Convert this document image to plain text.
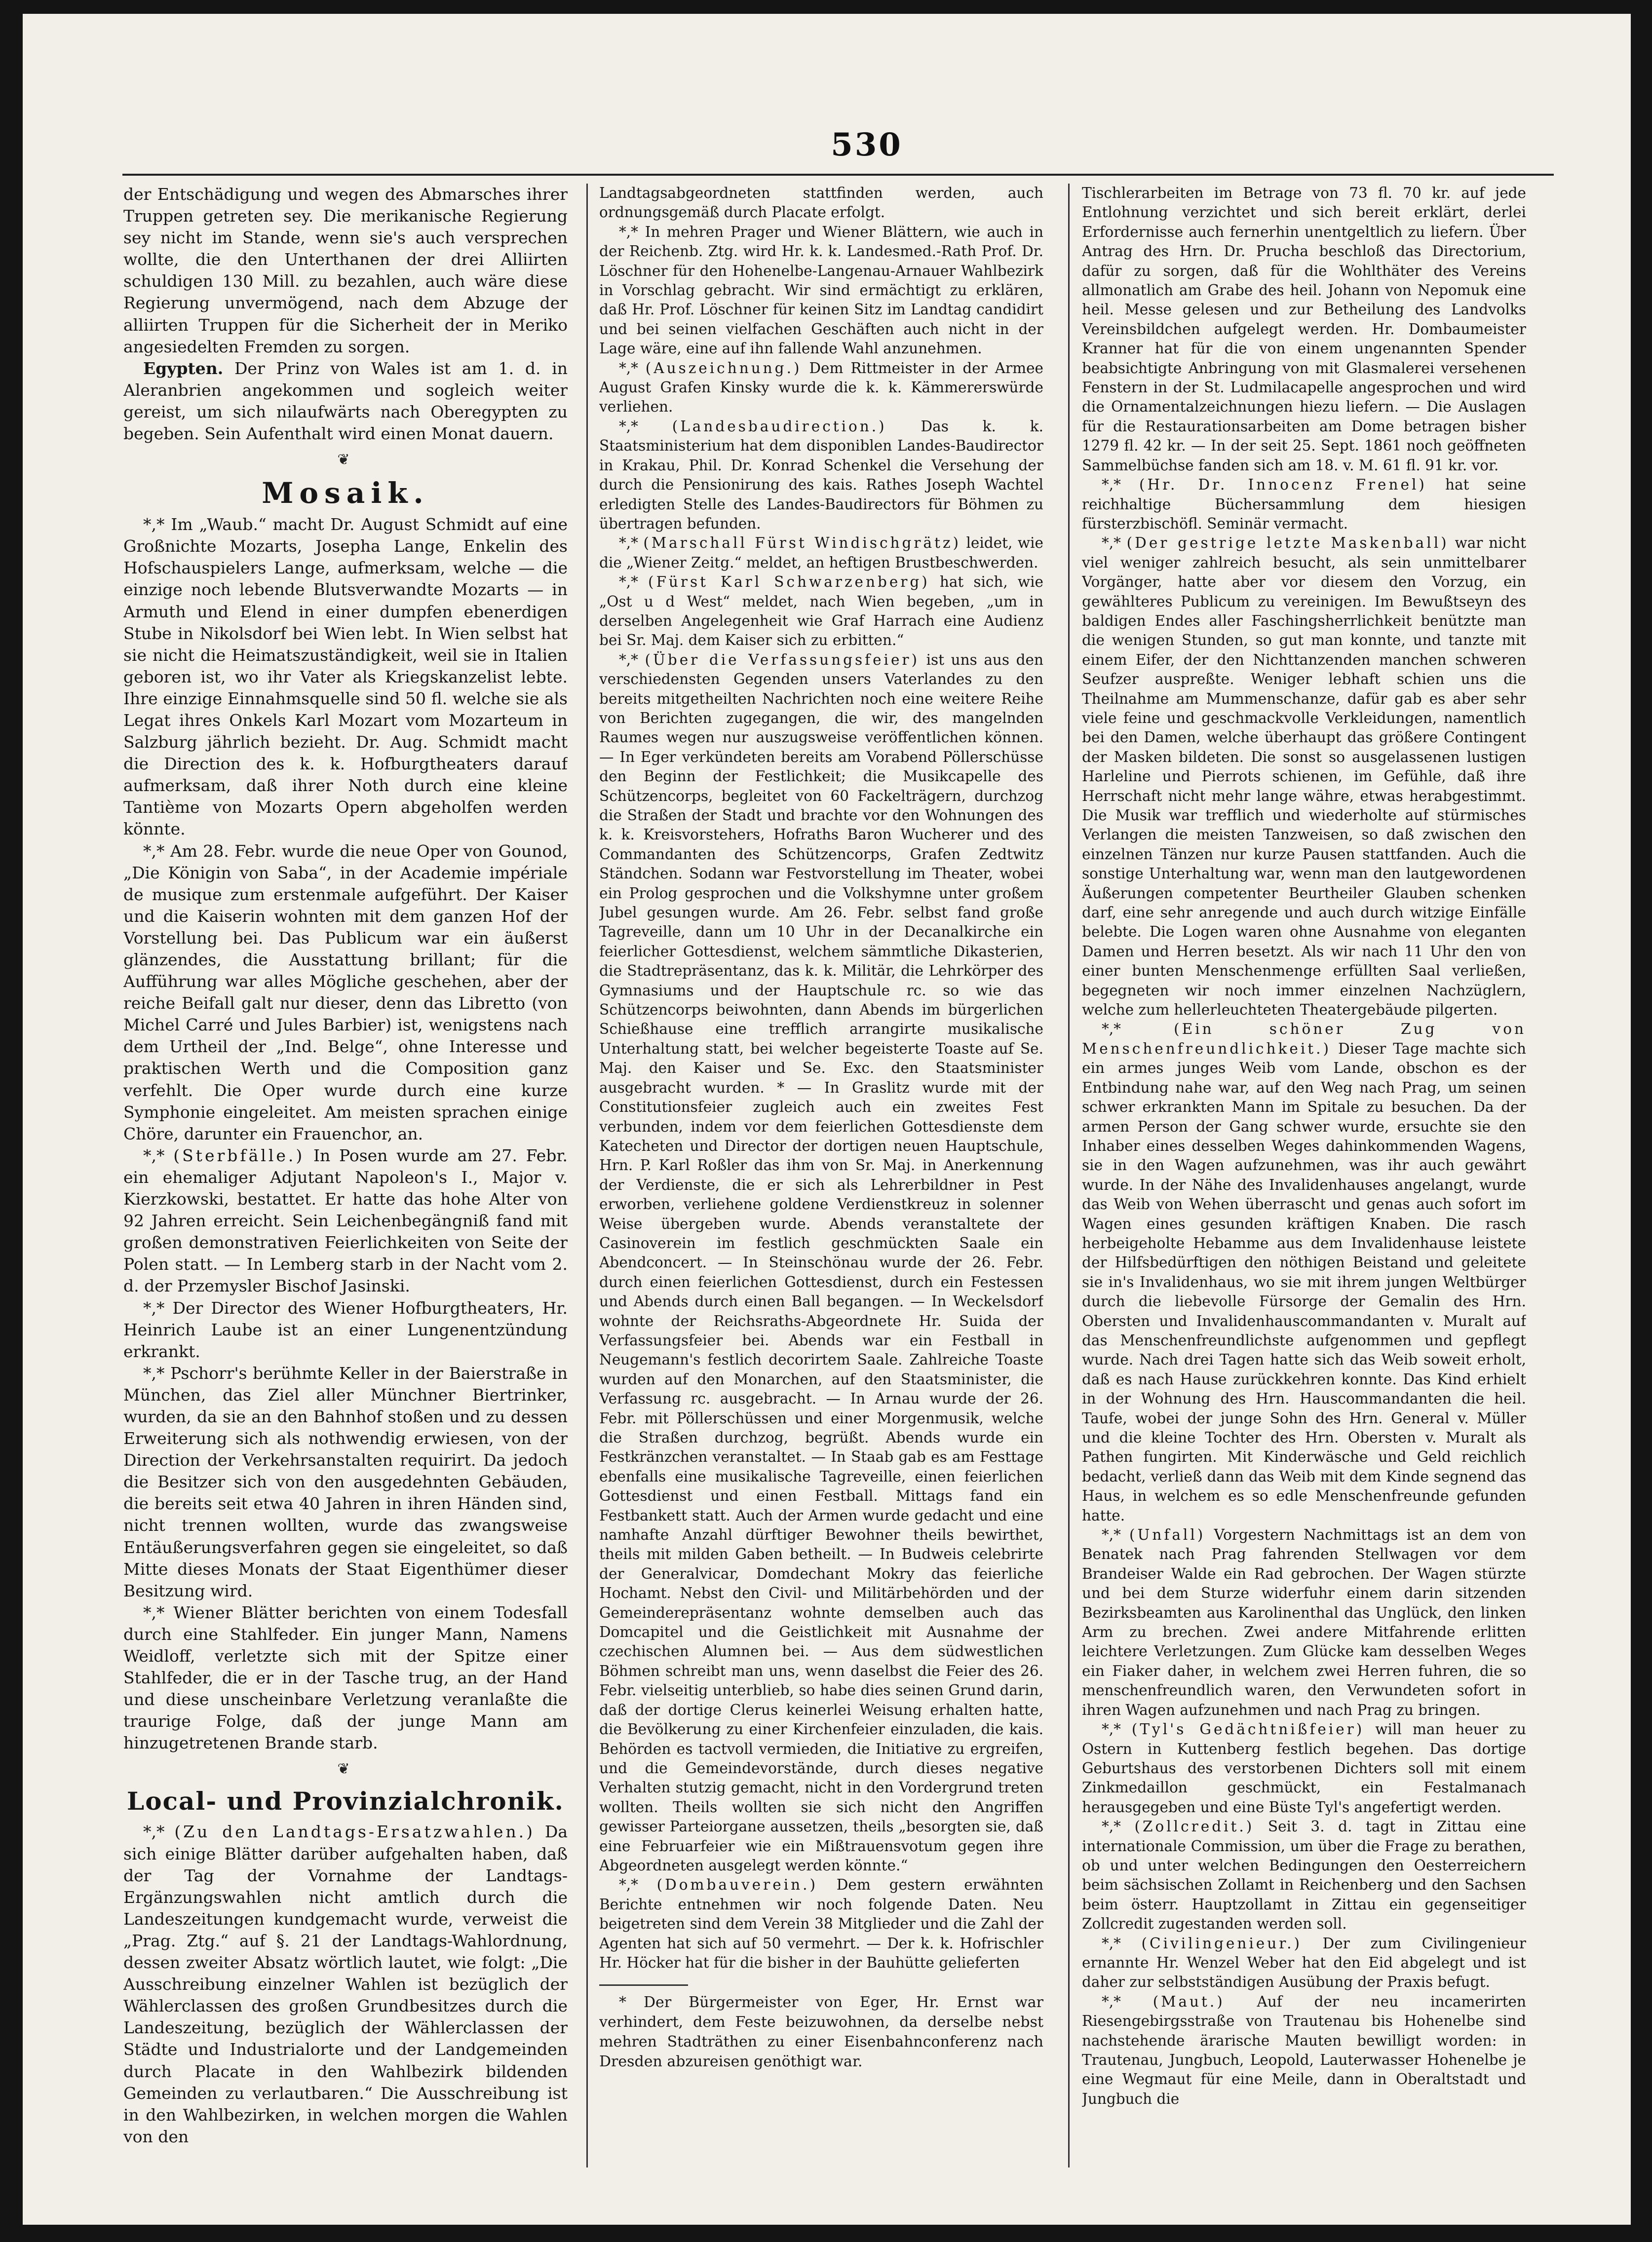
530

der Entschädigung und wegen des Abmarsches ihrer Truppen getreten sey. Die merikanische Regierung sey nicht im Stande, wenn sie's auch versprechen wollte, die den Unterthanen der drei Alliirten schuldigen 130 Mill. zu bezahlen, auch wäre diese Regierung unvermögend, nach dem Abzuge der alliirten Truppen für die Sicherheit der in Meriko angesiedelten Fremden zu sorgen.

Egypten. Der Prinz von Wales ist am 1. d. in Aleranbrien angekommen und sogleich weiter gereist, um sich nilaufwärts nach Oberegypten zu begeben. Sein Aufenthalt wird einen Monat dauern.

❦
Mosaik.

*,* Im „Waub.“ macht Dr. August Schmidt auf eine Großnichte Mozarts, Josepha Lange, Enkelin des Hofschauspielers Lange, aufmerksam, welche — die einzige noch lebende Blutsverwandte Mozarts — in Armuth und Elend in einer dumpfen ebenerdigen Stube in Nikolsdorf bei Wien lebt. In Wien selbst hat sie nicht die Heimatszuständigkeit, weil sie in Italien geboren ist, wo ihr Vater als Kriegskanzelist lebte. Ihre einzige Einnahmsquelle sind 50 fl. welche sie als Legat ihres Onkels Karl Mozart vom Mozarteum in Salzburg jährlich bezieht. Dr. Aug. Schmidt macht die Direction des k. k. Hofburgtheaters darauf aufmerksam, daß ihrer Noth durch eine kleine Tantième von Mozarts Opern abgeholfen werden könnte.

*,* Am 28. Febr. wurde die neue Oper von Gounod, „Die Königin von Saba“, in der Academie impériale de musique zum erstenmale aufgeführt. Der Kaiser und die Kaiserin wohnten mit dem ganzen Hof der Vorstellung bei. Das Publicum war ein äußerst glänzendes, die Ausstattung brillant; für die Aufführung war alles Mögliche geschehen, aber der reiche Beifall galt nur dieser, denn das Libretto (von Michel Carré und Jules Barbier) ist, wenigstens nach dem Urtheil der „Ind. Belge“, ohne Interesse und praktischen Werth und die Composition ganz verfehlt. Die Oper wurde durch eine kurze Symphonie eingeleitet. Am meisten sprachen einige Chöre, darunter ein Frauenchor, an.

*,* (Sterbfälle.) In Posen wurde am 27. Febr. ein ehemaliger Adjutant Napoleon's I., Major v. Kierzkowski, bestattet. Er hatte das hohe Alter von 92 Jahren erreicht. Sein Leichenbegängniß fand mit großen demonstrativen Feierlichkeiten von Seite der Polen statt. — In Lemberg starb in der Nacht vom 2. d. der Przemysler Bischof Jasinski.

*,* Der Director des Wiener Hofburgtheaters, Hr. Heinrich Laube ist an einer Lungenentzündung erkrankt.

*,* Pschorr's berühmte Keller in der Baierstraße in München, das Ziel aller Münchner Biertrinker, wurden, da sie an den Bahnhof stoßen und zu dessen Erweiterung sich als nothwendig erwiesen, von der Direction der Verkehrsanstalten requirirt. Da jedoch die Besitzer sich von den ausgedehnten Gebäuden, die bereits seit etwa 40 Jahren in ihren Händen sind, nicht trennen wollten, wurde das zwangsweise Entäußerungsverfahren gegen sie eingeleitet, so daß Mitte dieses Monats der Staat Eigenthümer dieser Besitzung wird.

*,* Wiener Blätter berichten von einem Todesfall durch eine Stahlfeder. Ein junger Mann, Namens Weidloff, verletzte sich mit der Spitze einer Stahlfeder, die er in der Tasche trug, an der Hand und diese unscheinbare Verletzung veranlaßte die traurige Folge, daß der junge Mann am hinzugetretenen Brande starb.

❦
Local- und Provinzialchronik.

*,* (Zu den Landtags-Ersatzwahlen.) Da sich einige Blätter darüber aufgehalten haben, daß der Tag der Vornahme der Landtags-Ergänzungswahlen nicht amtlich durch die Landeszeitungen kundgemacht wurde, verweist die „Prag. Ztg.“ auf §. 21 der Landtags-Wahlordnung, dessen zweiter Absatz wörtlich lautet, wie folgt: „Die Ausschreibung einzelner Wahlen ist bezüglich der Wählerclassen des großen Grundbesitzes durch die Landeszeitung, bezüglich der Wählerclassen der Städte und Industrialorte und der Landgemeinden durch Placate in den Wahlbezirk bildenden Gemeinden zu verlautbaren.“ Die Ausschreibung ist in den Wahlbezirken, in welchen morgen die Wahlen von den

Landtagsabgeordneten stattfinden werden, auch ordnungsgemäß durch Placate erfolgt.

*,* In mehren Prager und Wiener Blättern, wie auch in der Reichenb. Ztg. wird Hr. k. k. Landesmed.-Rath Prof. Dr. Löschner für den Hohenelbe-Langenau-Arnauer Wahlbezirk in Vorschlag gebracht. Wir sind ermächtigt zu erklären, daß Hr. Prof. Löschner für keinen Sitz im Landtag candidirt und bei seinen vielfachen Geschäften auch nicht in der Lage wäre, eine auf ihn fallende Wahl anzunehmen.

*,* (Auszeichnung.) Dem Rittmeister in der Armee August Grafen Kinsky wurde die k. k. Kämmererswürde verliehen.

*,* (Landesbaudirection.) Das k. k. Staatsministerium hat dem disponiblen Landes-Baudirector in Krakau, Phil. Dr. Konrad Schenkel die Versehung der durch die Pensionirung des kais. Rathes Joseph Wachtel erledigten Stelle des Landes-Baudirectors für Böhmen zu übertragen befunden.

*,* (Marschall Fürst Windischgrätz) leidet, wie die „Wiener Zeitg.“ meldet, an heftigen Brustbeschwerden.

*,* (Fürst Karl Schwarzenberg) hat sich, wie „Ost u d West“ meldet, nach Wien begeben, „um in derselben Angelegenheit wie Graf Harrach eine Audienz bei Sr. Maj. dem Kaiser sich zu erbitten.“

*,* (Über die Verfassungsfeier) ist uns aus den verschiedensten Gegenden unsers Vaterlandes zu den bereits mitgetheilten Nachrichten noch eine weitere Reihe von Berichten zugegangen, die wir, des mangelnden Raumes wegen nur auszugsweise veröffentlichen können. — In Eger verkündeten bereits am Vorabend Pöllerschüsse den Beginn der Festlichkeit; die Musikcapelle des Schützencorps, begleitet von 60 Fackelträgern, durchzog die Straßen der Stadt und brachte vor den Wohnungen des k. k. Kreisvorstehers, Hofraths Baron Wucherer und des Commandanten des Schützencorps, Grafen Zedtwitz Ständchen. Sodann war Festvorstellung im Theater, wobei ein Prolog gesprochen und die Volkshymne unter großem Jubel gesungen wurde. Am 26. Febr. selbst fand große Tagreveille, dann um 10 Uhr in der Decanalkirche ein feierlicher Gottesdienst, welchem sämmtliche Dikasterien, die Stadtrepräsentanz, das k. k. Militär, die Lehrkörper des Gymnasiums und der Hauptschule rc. so wie das Schützencorps beiwohnten, dann Abends im bürgerlichen Schießhause eine trefflich arrangirte musikalische Unterhaltung statt, bei welcher begeisterte Toaste auf Se. Maj. den Kaiser und Se. Exc. den Staatsminister ausgebracht wurden. * — In Graslitz wurde mit der Constitutionsfeier zugleich auch ein zweites Fest verbunden, indem vor dem feierlichen Gottesdienste dem Katecheten und Director der dortigen neuen Hauptschule, Hrn. P. Karl Roßler das ihm von Sr. Maj. in Anerkennung der Verdienste, die er sich als Lehrerbildner in Pest erworben, verliehene goldene Verdienstkreuz in solenner Weise übergeben wurde. Abends veranstaltete der Casinoverein im festlich geschmückten Saale ein Abendconcert. — In Steinschönau wurde der 26. Febr. durch einen feierlichen Gottesdienst, durch ein Festessen und Abends durch einen Ball begangen. — In Weckelsdorf wohnte der Reichsraths-Abgeordnete Hr. Suida der Verfassungsfeier bei. Abends war ein Festball in Neugemann's festlich decorirtem Saale. Zahlreiche Toaste wurden auf den Monarchen, auf den Staatsminister, die Verfassung rc. ausgebracht. — In Arnau wurde der 26. Febr. mit Pöllerschüssen und einer Morgenmusik, welche die Straßen durchzog, begrüßt. Abends wurde ein Festkränzchen veranstaltet. — In Staab gab es am Festtage ebenfalls eine musikalische Tagreveille, einen feierlichen Gottesdienst und einen Festball. Mittags fand ein Festbankett statt. Auch der Armen wurde gedacht und eine namhafte Anzahl dürftiger Bewohner theils bewirthet, theils mit milden Gaben betheilt. — In Budweis celebrirte der Generalvicar, Domdechant Mokry das feierliche Hochamt. Nebst den Civil- und Militärbehörden und der Gemeinderepräsentanz wohnte demselben auch das Domcapitel und die Geistlichkeit mit Ausnahme der czechischen Alumnen bei. — Aus dem südwestlichen Böhmen schreibt man uns, wenn daselbst die Feier des 26. Febr. vielseitig unterblieb, so habe dies seinen Grund darin, daß der dortige Clerus keinerlei Weisung erhalten hatte, die Bevölkerung zu einer Kirchenfeier einzuladen, die kais. Behörden es tactvoll vermieden, die Initiative zu ergreifen, und die Gemeindevorstände, durch dieses negative Verhalten stutzig gemacht, nicht in den Vordergrund treten wollten. Theils wollten sie sich nicht den Angriffen gewisser Parteiorgane aussetzen, theils „besorgten sie, daß eine Februarfeier wie ein Mißtrauensvotum gegen ihre Abgeordneten ausgelegt werden könnte.“

*,* (Dombauverein.) Dem gestern erwähnten Berichte entnehmen wir noch folgende Daten. Neu beigetreten sind dem Verein 38 Mitglieder und die Zahl der Agenten hat sich auf 50 vermehrt. — Der k. k. Hofrischler Hr. Höcker hat für die bisher in der Bauhütte gelieferten

* Der Bürgermeister von Eger, Hr. Ernst war verhindert, dem Feste beizuwohnen, da derselbe nebst mehren Stadträthen zu einer Eisenbahnconferenz nach Dresden abzureisen genöthigt war.

Tischlerarbeiten im Betrage von 73 fl. 70 kr. auf jede Entlohnung verzichtet und sich bereit erklärt, derlei Erfordernisse auch fernerhin unentgeltlich zu liefern. Über Antrag des Hrn. Dr. Prucha beschloß das Directorium, dafür zu sorgen, daß für die Wohlthäter des Vereins allmonatlich am Grabe des heil. Johann von Nepomuk eine heil. Messe gelesen und zur Betheilung des Landvolks Vereinsbildchen aufgelegt werden. Hr. Dombaumeister Kranner hat für die von einem ungenannten Spender beabsichtigte Anbringung von mit Glasmalerei versehenen Fenstern in der St. Ludmilacapelle angesprochen und wird die Ornamentalzeichnungen hiezu liefern. — Die Auslagen für die Restaurationsarbeiten am Dome betragen bisher 1279 fl. 42 kr. — In der seit 25. Sept. 1861 noch geöffneten Sammelbüchse fanden sich am 18. v. M. 61 fl. 91 kr. vor.

*,* (Hr. Dr. Innocenz Frenel) hat seine reichhaltige Büchersammlung dem hiesigen fürsterzbischöfl. Seminär vermacht.

*,* (Der gestrige letzte Maskenball) war nicht viel weniger zahlreich besucht, als sein unmittelbarer Vorgänger, hatte aber vor diesem den Vorzug, ein gewählteres Publicum zu vereinigen. Im Bewußtseyn des baldigen Endes aller Faschingsherrlichkeit benützte man die wenigen Stunden, so gut man konnte, und tanzte mit einem Eifer, der den Nichttanzenden manchen schweren Seufzer auspreßte. Weniger lebhaft schien uns die Theilnahme am Mummenschanze, dafür gab es aber sehr viele feine und geschmackvolle Verkleidungen, namentlich bei den Damen, welche überhaupt das größere Contingent der Masken bildeten. Die sonst so ausgelassenen lustigen Harleline und Pierrots schienen, im Gefühle, daß ihre Herrschaft nicht mehr lange währe, etwas herabgestimmt. Die Musik war trefflich und wiederholte auf stürmisches Verlangen die meisten Tanzweisen, so daß zwischen den einzelnen Tänzen nur kurze Pausen stattfanden. Auch die sonstige Unterhaltung war, wenn man den lautgewordenen Äußerungen competenter Beurtheiler Glauben schenken darf, eine sehr anregende und auch durch witzige Einfälle belebte. Die Logen waren ohne Ausnahme von eleganten Damen und Herren besetzt. Als wir nach 11 Uhr den von einer bunten Menschenmenge erfüllten Saal verließen, begegneten wir noch immer einzelnen Nachzüglern, welche zum hellerleuchteten Theatergebäude pilgerten.

*,* (Ein schöner Zug von Menschenfreundlichkeit.) Dieser Tage machte sich ein armes junges Weib vom Lande, obschon es der Entbindung nahe war, auf den Weg nach Prag, um seinen schwer erkrankten Mann im Spitale zu besuchen. Da der armen Person der Gang schwer wurde, ersuchte sie den Inhaber eines desselben Weges dahinkommenden Wagens, sie in den Wagen aufzunehmen, was ihr auch gewährt wurde. In der Nähe des Invalidenhauses angelangt, wurde das Weib von Wehen überrascht und genas auch sofort im Wagen eines gesunden kräftigen Knaben. Die rasch herbeigeholte Hebamme aus dem Invalidenhause leistete der Hilfsbedürftigen den nöthigen Beistand und geleitete sie in's Invalidenhaus, wo sie mit ihrem jungen Weltbürger durch die liebevolle Fürsorge der Gemalin des Hrn. Obersten und Invalidenhauscommandanten v. Muralt auf das Menschenfreundlichste aufgenommen und gepflegt wurde. Nach drei Tagen hatte sich das Weib soweit erholt, daß es nach Hause zurückkehren konnte. Das Kind erhielt in der Wohnung des Hrn. Hauscommandanten die heil. Taufe, wobei der junge Sohn des Hrn. General v. Müller und die kleine Tochter des Hrn. Obersten v. Muralt als Pathen fungirten. Mit Kinderwäsche und Geld reichlich bedacht, verließ dann das Weib mit dem Kinde segnend das Haus, in welchem es so edle Menschenfreunde gefunden hatte.

*,* (Unfall) Vorgestern Nachmittags ist an dem von Benatek nach Prag fahrenden Stellwagen vor dem Brandeiser Walde ein Rad gebrochen. Der Wagen stürzte und bei dem Sturze widerfuhr einem darin sitzenden Bezirksbeamten aus Karolinenthal das Unglück, den linken Arm zu brechen. Zwei andere Mitfahrende erlitten leichtere Verletzungen. Zum Glücke kam desselben Weges ein Fiaker daher, in welchem zwei Herren fuhren, die so menschenfreundlich waren, den Verwundeten sofort in ihren Wagen aufzunehmen und nach Prag zu bringen.

*,* (Tyl's Gedächtnißfeier) will man heuer zu Ostern in Kuttenberg festlich begehen. Das dortige Geburtshaus des verstorbenen Dichters soll mit einem Zinkmedaillon geschmückt, ein Festalmanach herausgegeben und eine Büste Tyl's angefertigt werden.

*,* (Zollcredit.) Seit 3. d. tagt in Zittau eine internationale Commission, um über die Frage zu berathen, ob und unter welchen Bedingungen den Oesterreichern beim sächsischen Zollamt in Reichenberg und den Sachsen beim österr. Hauptzollamt in Zittau ein gegenseitiger Zollcredit zugestanden werden soll.

*,* (Civilingenieur.) Der zum Civilingenieur ernannte Hr. Wenzel Weber hat den Eid abgelegt und ist daher zur selbstständigen Ausübung der Praxis befugt.

*,* (Maut.) Auf der neu incamerirten Riesengebirgsstraße von Trautenau bis Hohenelbe sind nachstehende ärarische Mauten bewilligt worden: in Trautenau, Jungbuch, Leopold, Lauterwasser Hohenelbe je eine Wegmaut für eine Meile, dann in Oberaltstadt und Jungbuch die
